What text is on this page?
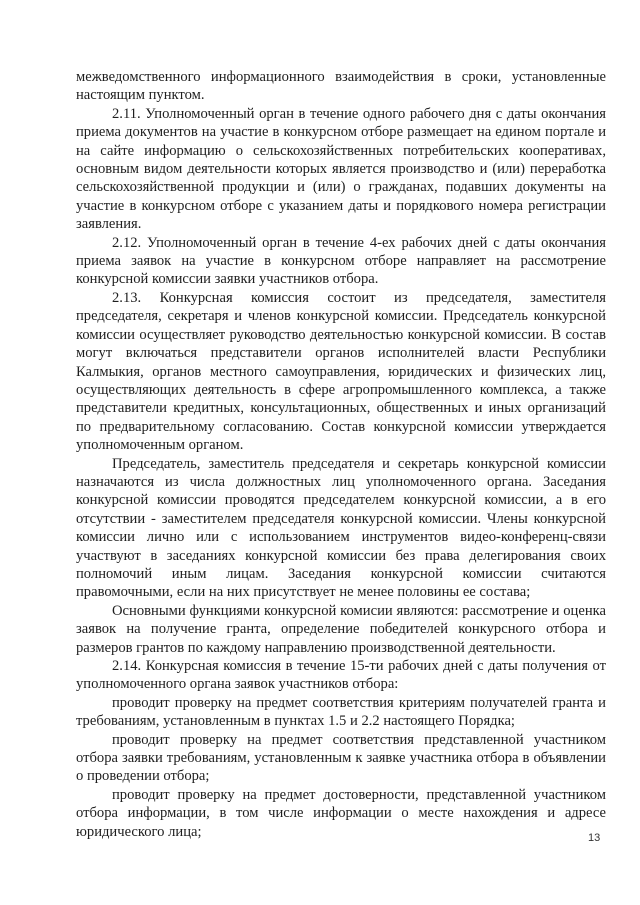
межведомственного информационного взаимодействия в сроки, установленные настоящим пунктом.

2.11. Уполномоченный орган в течение одного рабочего дня с даты окончания приема документов на участие в конкурсном отборе размещает на едином портале и на сайте информацию о сельскохозяйственных потребительских кооперативах, основным видом деятельности которых является производство и (или) переработка сельскохозяйственной продукции и (или) о гражданах, подавших документы на участие в конкурсном отборе с указанием даты и порядкового номера регистрации заявления.

2.12. Уполномоченный орган в течение 4-ех рабочих дней с даты окончания приема заявок на участие в конкурсном отборе направляет на рассмотрение конкурсной комиссии заявки участников отбора.

2.13. Конкурсная комиссия состоит из председателя, заместителя председателя, секретаря и членов конкурсной комиссии. Председатель конкурсной комиссии осуществляет руководство деятельностью конкурсной комиссии. В состав могут включаться представители органов исполнителей власти Республики Калмыкия, органов местного самоуправления, юридических и физических лиц, осуществляющих деятельность в сфере агропромышленного комплекса, а также представители кредитных, консультационных, общественных и иных организаций по предварительному согласованию. Состав конкурсной комиссии утверждается уполномоченным органом.

Председатель, заместитель председателя и секретарь конкурсной комиссии назначаются из числа должностных лиц уполномоченного органа. Заседания конкурсной комиссии проводятся председателем конкурсной комиссии, а в его отсутствии - заместителем председателя конкурсной комиссии. Члены конкурсной комиссии лично или с использованием инструментов видео-конференц-связи участвуют в заседаниях конкурсной комиссии без права делегирования своих полномочий иным лицам. Заседания конкурсной комиссии считаются правомочными, если на них присутствует не менее половины ее состава;

Основными функциями конкурсной комисии являются: рассмотрение и оценка заявок на получение гранта, определение победителей конкурсного отбора и размеров грантов по каждому направлению производственной деятельности.

2.14. Конкурсная комиссия в течение 15-ти рабочих дней с даты получения от уполномоченного органа заявок участников отбора:

проводит проверку на предмет соответствия критериям получателей гранта и требованиям, установленным в пунктах 1.5 и 2.2 настоящего Порядка;

проводит проверку на предмет соответствия представленной участником отбора заявки требованиям, установленным к заявке участника отбора в объявлении о проведении отбора;

проводит проверку на предмет достоверности, представленной участником отбора информации, в том числе информации о месте нахождения и адресе юридического лица;	13
